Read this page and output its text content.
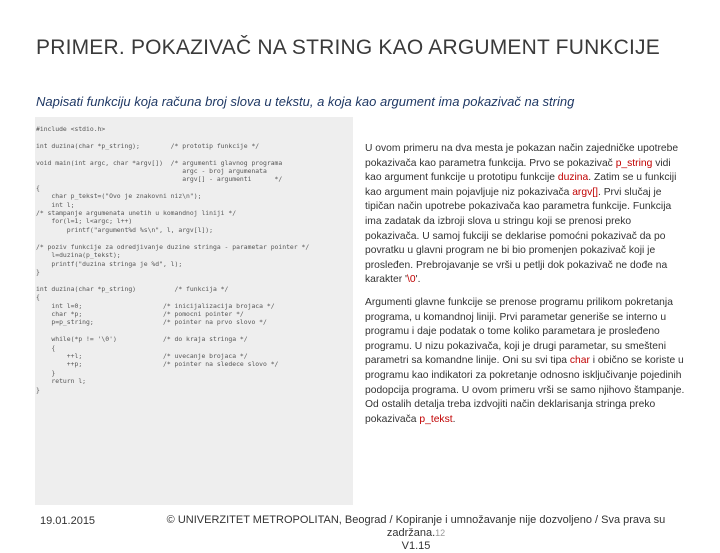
PRIMER. POKAZIVAČ NA STRING KAO ARGUMENT FUNKCIJE
Napisati funkciju koja računa broj slova u tekstu, a koja kao argument ima pokazivač na string
#include <stdio.h>

int duzina(char *p_string);        /* prototip funkcije */

void main(int argc, char *argv[])  /* argumenti glavnog programa
argc - broj argumenata
argv[] - argumenti      */
{
char p_tekst=("Ovo je znakovni niz\n");
int l;
/* stampanje argumenata unetih u komandnoj liniji */
for(l=1; l<argc; l++)
printf("argument%d %s\n", l, argv[l]);

/* poziv funkcije za odredjivanje duzine stringa - parametar pointer */
l=duzina(p_tekst);
printf("duzina stringa je %d", l);
}

int duzina(char *p_string)          /* funkcija */
{
int l=0;                     /* inicijalizacija brojaca */
char *p;                     /* pomocni pointer */
p=p_string;                  /* pointer na prvo slovo */

while(*p != '\0')            /* do kraja stringa */
{
++l;                     /* uvecanje brojaca */
++p;                     /* pointer na sledece slovo */
}
return l;
}

U ovom primeru na dva mesta je pokazan način zajedničke upotrebe pokazivača kao parametra funkcija. Prvo se pokazivač p_string vidi kao argument funkcije u prototipu funkcije duzina. Zatim se u funkciji kao argument main pojavljuje niz pokazivača argv[]. Prvi slučaj je tipičan način upotrebe pokazivača kao parametra funkcije. Funkcija ima zadatak da izbroji slova u stringu koji se prenosi preko pokazivača. U samoj fukciji se deklarise pomoćni pokazivač da po povratku u glavni program ne bi bio promenjen pokazivač koji je prosleđen. Prebrojavanje se vrši u petlji dok pokazivač ne dođe na karakter '\0'.

Argumenti glavne funkcije se prenose programu prilikom pokretanja programa, u komandnoj liniji. Prvi parametar generiše se interno u programu i daje podatak o tome koliko parametara je prosleđeno programu. U nizu pokazivača, koji je drugi parametar, su smešteni parametri sa komandne linije. Oni su svi tipa char i obično se koriste u programu kao indikatori za pokretanje odnosno isključivanje pojedinih podopcija programa. U ovom primeru vrši se samo njihovo štampanje. Od ostalih detalja treba izdvojiti način deklarisanja stringa preko pokazivača p_tekst.

19.01.2015	© UNIVERZITET METROPOLITAN, Beograd / Kopiranje i umnožavanje nije dozvoljeno / Sva prava su zadržana.12
V1.15
